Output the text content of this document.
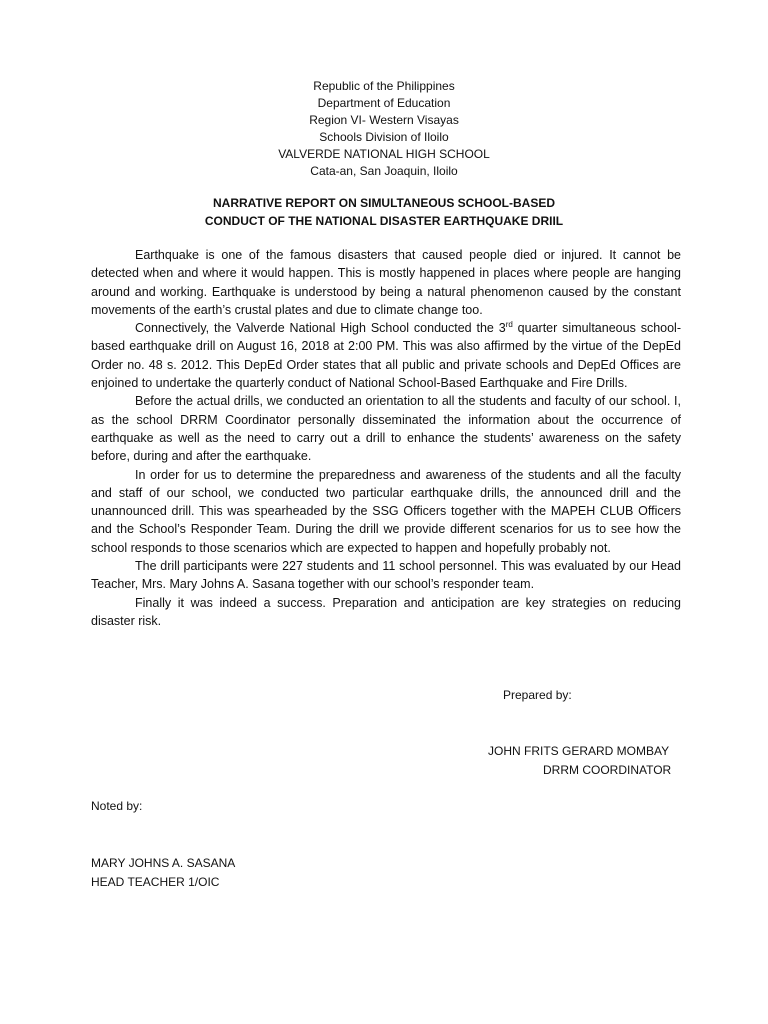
Republic of the Philippines
Department of Education
Region VI- Western Visayas
Schools Division of Iloilo
VALVERDE NATIONAL HIGH SCHOOL
Cata-an, San Joaquin, Iloilo
NARRATIVE REPORT ON SIMULTANEOUS SCHOOL-BASED
CONDUCT OF THE NATIONAL DISASTER EARTHQUAKE DRIIL

Earthquake is one of the famous disasters that caused people died or injured. It cannot be detected when and where it would happen. This is mostly happened in places where people are hanging around and working. Earthquake is understood by being a natural phenomenon caused by the constant movements of the earth’s crustal plates and due to climate change too.

Connectively, the Valverde National High School conducted the 3rd quarter simultaneous school-based earthquake drill on August 16, 2018 at 2:00 PM. This was also affirmed by the virtue of the DepEd Order no. 48 s. 2012. This DepEd Order states that all public and private schools and DepEd Offices are enjoined to undertake the quarterly conduct of National School-Based Earthquake and Fire Drills.

Before the actual drills, we conducted an orientation to all the students and faculty of our school. I, as the school DRRM Coordinator personally disseminated the information about the occurrence of earthquake as well as the need to carry out a drill to enhance the students’ awareness on the safety before, during and after the earthquake.

In order for us to determine the preparedness and awareness of the students and all the faculty and staff of our school, we conducted two particular earthquake drills, the announced drill and the unannounced drill. This was spearheaded by the SSG Officers together with the MAPEH CLUB Officers and the School’s Responder Team. During the drill we provide different scenarios for us to see how the school responds to those scenarios which are expected to happen and hopefully probably not.

The drill participants were 227 students and 11 school personnel. This was evaluated by our Head Teacher, Mrs. Mary Johns A. Sasana together with our school’s responder team.

Finally it was indeed a success. Preparation and anticipation are key strategies on reducing disaster risk.

Prepared by:
JOHN FRITS GERARD MOMBAY
DRRM COORDINATOR
Noted by:
MARY JOHNS A. SASANA
HEAD TEACHER 1/OIC
